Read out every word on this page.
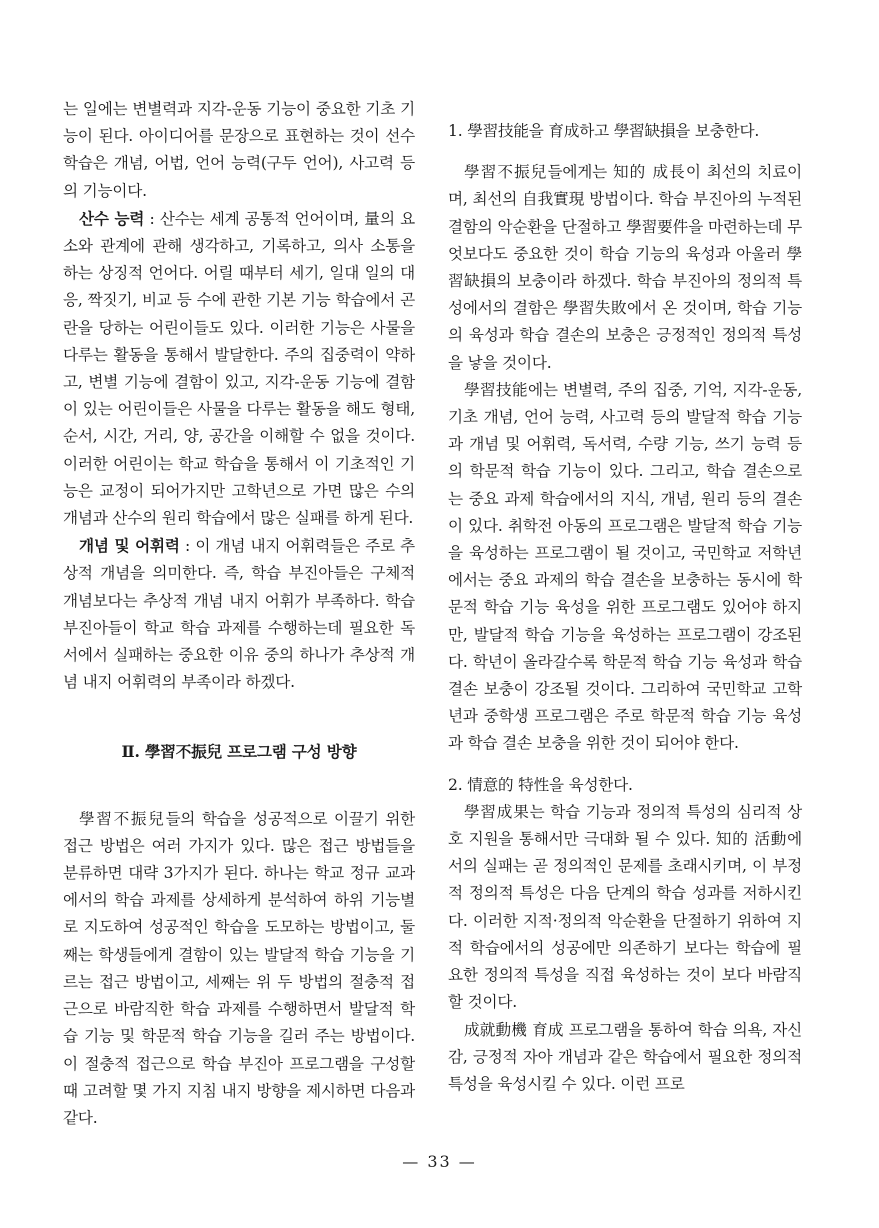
는 일에는 변별력과 지각-운동 기능이 중요한 기초 기능이 된다. 아이디어를 문장으로 표현하는 것이 선수 학습은 개념, 어법, 언어 능력(구두 언어), 사고력 등의 기능이다.

산수 능력 : 산수는 세계 공통적 언어이며, 量의 요소와 관계에 관해 생각하고, 기록하고, 의사 소통을 하는 상징적 언어다. 어릴 때부터 세기, 일대 일의 대응, 짝짓기, 비교 등 수에 관한 기본 기능 학습에서 곤란을 당하는 어린이들도 있다. 이러한 기능은 사물을 다루는 활동을 통해서 발달한다. 주의 집중력이 약하고, 변별 기능에 결함이 있고, 지각-운동 기능에 결함이 있는 어린이들은 사물을 다루는 활동을 해도 형태, 순서, 시간, 거리, 양, 공간을 이해할 수 없을 것이다. 이러한 어린이는 학교 학습을 통해서 이 기초적인 기능은 교정이 되어가지만 고학년으로 가면 많은 수의 개념과 산수의 원리 학습에서 많은 실패를 하게 된다.

개념 및 어휘력 : 이 개념 내지 어휘력들은 주로 추상적 개념을 의미한다. 즉, 학습 부진아들은 구체적 개념보다는 추상적 개념 내지 어휘가 부족하다. 학습 부진아들이 학교 학습 과제를 수행하는데 필요한 독서에서 실패하는 중요한 이유 중의 하나가 추상적 개념 내지 어휘력의 부족이라 하겠다.

Ⅱ. 學習不振兒 프로그램 구성 방향

學習不振兒들의 학습을 성공적으로 이끌기 위한 접근 방법은 여러 가지가 있다. 많은 접근 방법들을 분류하면 대략 3가지가 된다. 하나는 학교 정규 교과에서의 학습 과제를 상세하게 분석하여 하위 기능별로 지도하여 성공적인 학습을 도모하는 방법이고, 둘째는 학생들에게 결함이 있는 발달적 학습 기능을 기르는 접근 방법이고, 세째는 위 두 방법의 절충적 접근으로 바람직한 학습 과제를 수행하면서 발달적 학습 기능 및 학문적 학습 기능을 길러 주는 방법이다. 이 절충적 접근으로 학습 부진아 프로그램을 구성할 때 고려할 몇 가지 지침 내지 방향을 제시하면 다음과 같다.

1. 學習技能을 育成하고 學習缺損을 보충한다.

學習不振兒들에게는 知的 成長이 최선의 치료이며, 최선의 自我實現 방법이다. 학습 부진아의 누적된 결함의 악순환을 단절하고 學習要件을 마련하는데 무엇보다도 중요한 것이 학습 기능의 육성과 아울러 學習缺損의 보충이라 하겠다. 학습 부진아의 정의적 특성에서의 결함은 學習失敗에서 온 것이며, 학습 기능의 육성과 학습 결손의 보충은 긍정적인 정의적 특성을 낳을 것이다.

學習技能에는 변별력, 주의 집중, 기억, 지각-운동, 기초 개념, 언어 능력, 사고력 등의 발달적 학습 기능과 개념 및 어휘력, 독서력, 수량 기능, 쓰기 능력 등의 학문적 학습 기능이 있다. 그리고, 학습 결손으로는 중요 과제 학습에서의 지식, 개념, 원리 등의 결손이 있다. 취학전 아동의 프로그램은 발달적 학습 기능을 육성하는 프로그램이 될 것이고, 국민학교 저학년에서는 중요 과제의 학습 결손을 보충하는 동시에 학문적 학습 기능 육성을 위한 프로그램도 있어야 하지만, 발달적 학습 기능을 육성하는 프로그램이 강조된다. 학년이 올라갈수록 학문적 학습 기능 육성과 학습 결손 보충이 강조될 것이다. 그리하여 국민학교 고학년과 중학생 프로그램은 주로 학문적 학습 기능 육성과 학습 결손 보충을 위한 것이 되어야 한다.

2. 情意的 特性을 육성한다.

學習成果는 학습 기능과 정의적 특성의 심리적 상호 지원을 통해서만 극대화 될 수 있다. 知的 活動에서의 실패는 곧 정의적인 문제를 초래시키며, 이 부정적 정의적 특성은 다음 단계의 학습 성과를 저하시킨다. 이러한 지적·정의적 악순환을 단절하기 위하여 지적 학습에서의 성공에만 의존하기 보다는 학습에 필요한 정의적 특성을 직접 육성하는 것이 보다 바람직할 것이다.

成就動機 育成 프로그램을 통하여 학습 의욕, 자신감, 긍정적 자아 개념과 같은 학습에서 필요한 정의적 특성을 육성시킬 수 있다. 이런 프로

— 33 —
